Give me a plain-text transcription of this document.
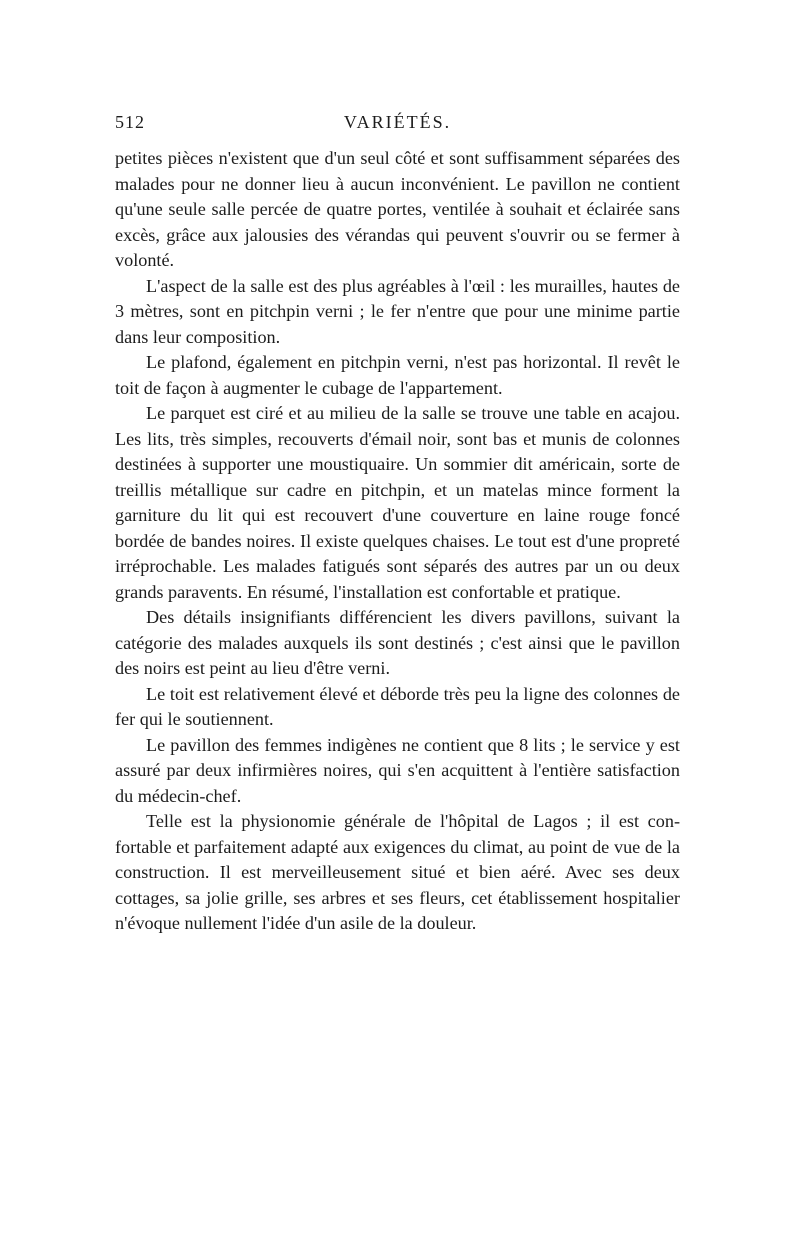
512	VARIÉTÉS.

petites pièces n'existent que d'un seul côté et sont suffisamment séparées des malades pour ne donner lieu à aucun inconvénient. Le pavillon ne contient qu'une seule salle percée de quatre portes, ventilée à souhait et éclairée sans excès, grâce aux jalousies des vérandas qui peuvent s'ouvrir ou se fermer à volonté.

L'aspect de la salle est des plus agréables à l'œil : les murailles, hautes de 3 mètres, sont en pitchpin verni ; le fer n'entre que pour une minime partie dans leur composition.

Le plafond, également en pitchpin verni, n'est pas horizontal. Il revêt le toit de façon à augmenter le cubage de l'appartement.

Le parquet est ciré et au milieu de la salle se trouve une table en acajou. Les lits, très simples, recouverts d'émail noir, sont bas et munis de colonnes destinées à supporter une moustiquaire. Un sommier dit américain, sorte de treillis métallique sur cadre en pitchpin, et un matelas mince forment la garniture du lit qui est recouvert d'une couverture en laine rouge foncé bordée de bandes noires. Il existe quelques chaises. Le tout est d'une propreté irréprochable. Les malades fatigués sont séparés des autres par un ou deux grands paravents. En résumé, l'installation est confortable et pratique.

Des détails insignifiants différencient les divers pavillons, suivant la catégorie des malades auxquels ils sont destinés ; c'est ainsi que le pavillon des noirs est peint au lieu d'être verni.

Le toit est relativement élevé et déborde très peu la ligne des colonnes de fer qui le soutiennent.

Le pavillon des femmes indigènes ne contient que 8 lits ; le service y est assuré par deux infirmières noires, qui s'en acquittent à l'entière satisfaction du médecin-chef.

Telle est la physionomie générale de l'hôpital de Lagos ; il est confortable et parfaitement adapté aux exigences du climat, au point de vue de la construction. Il est merveilleusement situé et bien aéré. Avec ses deux cottages, sa jolie grille, ses arbres et ses fleurs, cet établissement hospitalier n'évoque nullement l'idée d'un asile de la douleur.
